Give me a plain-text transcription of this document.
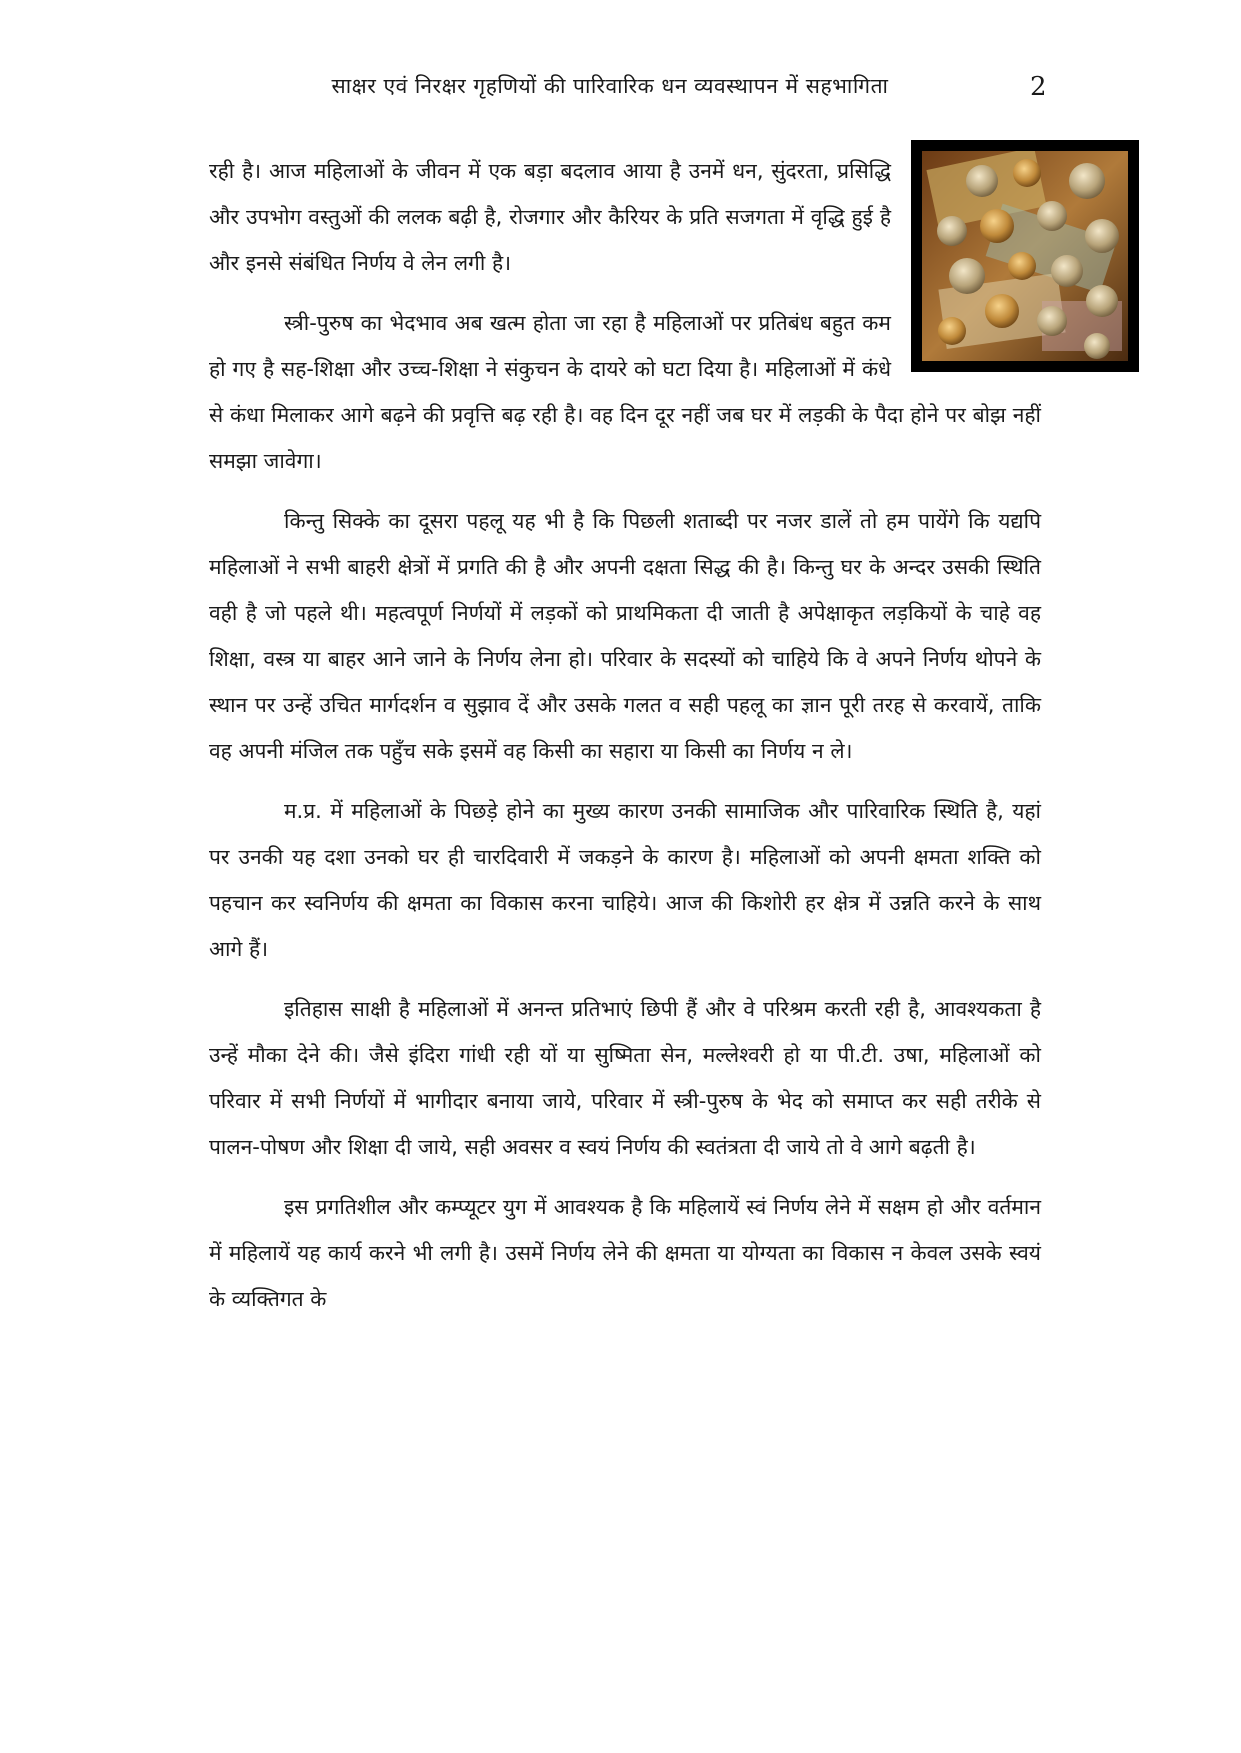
साक्षर एवं निरक्षर गृहणियों की पारिवारिक धन व्यवस्थापन में सहभागिता	2

रही है। आज महिलाओं के जीवन में एक बड़ा बदलाव आया है उनमें धन, सुंदरता, प्रसिद्धि और उपभोग वस्तुओं की ललक बढ़ी है, रोजगार और कैरियर के प्रति सजगता में वृद्धि हुई है और इनसे संबंधित निर्णय वे लेन लगी है।

स्त्री-पुरुष का भेदभाव अब खत्म होता जा रहा है महिलाओं पर प्रतिबंध बहुत कम हो गए है सह-शिक्षा और उच्च-शिक्षा ने संकुचन के दायरे को घटा दिया है। महिलाओं में कंधे से कंधा मिलाकर आगे बढ़ने की प्रवृत्ति बढ़ रही है। वह दिन दूर नहीं जब घर में लड़की के पैदा होने पर बोझ नहीं समझा जावेगा।

किन्तु सिक्के का दूसरा पहलू यह भी है कि पिछली शताब्दी पर नजर डालें तो हम पायेंगे कि यद्यपि महिलाओं ने सभी बाहरी क्षेत्रों में प्रगति की है और अपनी दक्षता सिद्ध की है। किन्तु घर के अन्दर उसकी स्थिति वही है जो पहले थी। महत्वपूर्ण निर्णयों में लड़कों को प्राथमिकता दी जाती है अपेक्षाकृत लड़कियों के चाहे वह शिक्षा, वस्त्र या बाहर आने जाने के निर्णय लेना हो। परिवार के सदस्यों को चाहिये कि वे अपने निर्णय थोपने के स्थान पर उन्हें उचित मार्गदर्शन व सुझाव दें और उसके गलत व सही पहलू का ज्ञान पूरी तरह से करवायें, ताकि वह अपनी मंजिल तक पहुँच सके इसमें वह किसी का सहारा या किसी का निर्णय न ले।

म.प्र. में महिलाओं के पिछड़े होने का मुख्य कारण उनकी सामाजिक और पारिवारिक स्थिति है, यहां पर उनकी यह दशा उनको घर ही चारदिवारी में जकड़ने के कारण है। महिलाओं को अपनी क्षमता शक्ति को पहचान कर स्वनिर्णय की क्षमता का विकास करना चाहिये। आज की किशोरी हर क्षेत्र में उन्नति करने के साथ आगे हैं।

इतिहास साक्षी है महिलाओं में अनन्त प्रतिभाएं छिपी हैं और वे परिश्रम करती रही है, आवश्यकता है उन्हें मौका देने की। जैसे इंदिरा गांधी रही यों या सुष्मिता सेन, मल्लेश्वरी हो या पी.टी. उषा, महिलाओं को परिवार में सभी निर्णयों में भागीदार बनाया जाये, परिवार में स्त्री-पुरुष के भेद को समाप्त कर सही तरीके से पालन-पोषण और शिक्षा दी जाये, सही अवसर व स्वयं निर्णय की स्वतंत्रता दी जाये तो वे आगे बढ़ती है।

इस प्रगतिशील और कम्प्यूटर युग में आवश्यक है कि महिलायें स्वं निर्णय लेने में सक्षम हो और वर्तमान में महिलायें यह कार्य करने भी लगी है। उसमें निर्णय लेने की क्षमता या योग्यता का विकास न केवल उसके स्वयं के व्यक्तिगत के
